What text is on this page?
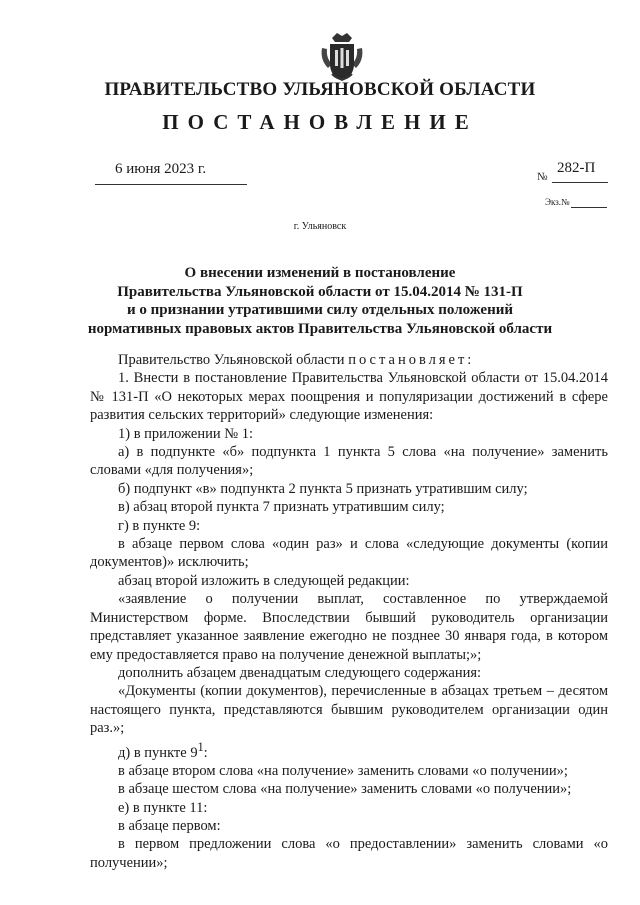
ПРАВИТЕЛЬСТВО УЛЬЯНОВСКОЙ ОБЛАСТИ
ПОСТАНОВЛЕНИЕ
6 июня 2023 г.	282-П
№
Экз.№
г. Ульяновск
О внесении изменений в постановление
Правительства Ульяновской области от 15.04.2014 № 131-П
и о признании утратившими силу отдельных положений
нормативных правовых актов Правительства Ульяновской области

Правительство Ульяновской области постановляет:

1. Внести в постановление Правительства Ульяновской области от 15.04.2014 № 131-П «О некоторых мерах поощрения и популяризации достижений в сфере развития сельских территорий» следующие изменения:

1) в приложении № 1:

а) в подпункте «б» подпункта 1 пункта 5 слова «на получение» заменить словами «для получения»;

б) подпункт «в» подпункта 2 пункта 5 признать утратившим силу;

в) абзац второй пункта 7 признать утратившим силу;

г) в пункте 9:

в абзаце первом слова «один раз» и слова «следующие документы (копии документов)» исключить;

абзац второй изложить в следующей редакции:

«заявление о получении выплат, составленное по утверждаемой Министерством форме. Впоследствии бывший руководитель организации представляет указанное заявление ежегодно не позднее 30 января года, в котором ему предоставляется право на получение денежной выплаты;»;

дополнить абзацем двенадцатым следующего содержания:

«Документы (копии документов), перечисленные в абзацах третьем – десятом настоящего пункта, представляются бывшим руководителем организации один раз.»;

д) в пункте $9^1$:

в абзаце втором слова «на получение» заменить словами «о получении»;

в абзаце шестом слова «на получение» заменить словами «о получении»;

е) в пункте 11:

в абзаце первом:

в первом предложении слова «о предоставлении» заменить словами «о получении»;
